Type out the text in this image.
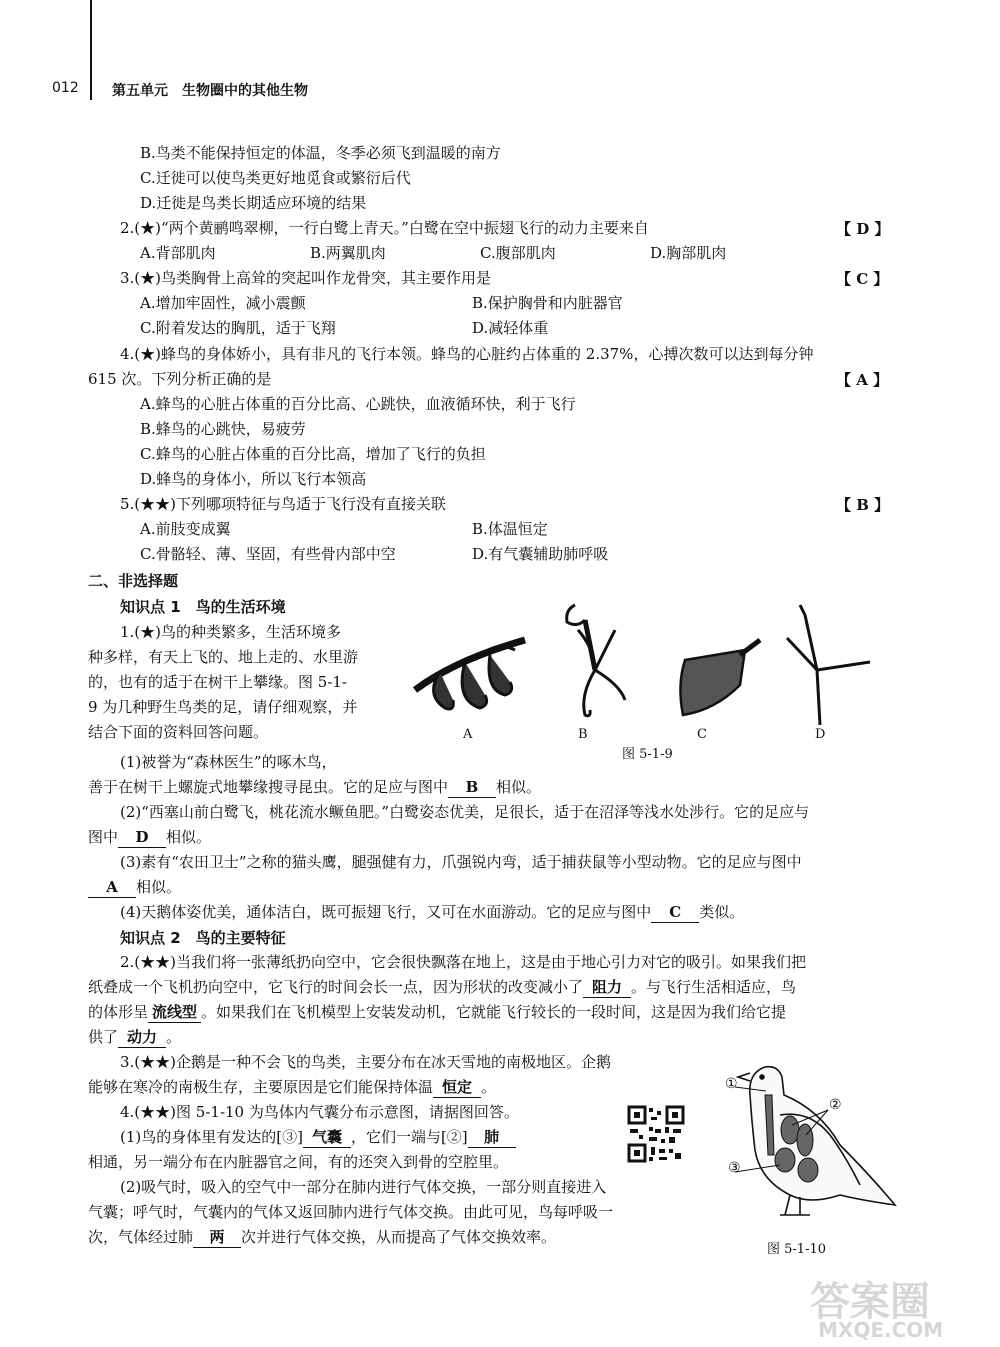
012 第五单元　生物圈中的其他生物
B.鸟类不能保持恒定的体温，冬季必须飞到温暖的南方
C.迁徙可以使鸟类更好地觅食或繁衍后代
D.迁徙是鸟类长期适应环境的结果
2.(★)“两个黄鹂鸣翠柳，一行白鹭上青天。”白鹭在空中振翅飞行的动力主要来自	【 D 】
A.背部肌肉	B.两翼肌肉	C.腹部肌肉	D.胸部肌肉
3.(★)鸟类胸骨上高耸的突起叫作龙骨突，其主要作用是	【 C 】
A.增加牢固性，减小震颤	B.保护胸骨和内脏器官
C.附着发达的胸肌，适于飞翔	D.减轻体重
4.(★)蜂鸟的身体娇小，具有非凡的飞行本领。蜂鸟的心脏约占体重的 2.37%，心搏次数可以达到每分钟
615 次。下列分析正确的是	【 A 】
A.蜂鸟的心脏占体重的百分比高、心跳快，血液循环快，利于飞行
B.蜂鸟的心跳快，易疲劳
C.蜂鸟的心脏占体重的百分比高，增加了飞行的负担
D.蜂鸟的身体小，所以飞行本领高
5.(★★)下列哪项特征与鸟适于飞行没有直接关联	【 B 】
A.前肢变成翼	B.体温恒定
C.骨骼轻、薄、坚固，有些骨内部中空	D.有气囊辅助肺呼吸
二、非选择题
知识点 1　鸟的生活环境
1.(★)鸟的种类繁多，生活环境多
种多样，有天上飞的、地上走的、水里游
的，也有的适于在树干上攀缘。图 5-1-
9 为几种野生鸟类的足，请仔细观察，并
结合下面的资料回答问题。	A	B	C	D
图 5-1-9
(1)被誉为“森林医生”的啄木鸟，
善于在树干上螺旋式地攀缘搜寻昆虫。它的足应与图中 B 相似。
(2)“西塞山前白鹭飞，桃花流水鳜鱼肥。”白鹭姿态优美，足很长，适于在沼泽等浅水处涉行。它的足应与
图中 D 相似。
(3)素有“农田卫士”之称的猫头鹰，腿强健有力，爪强锐内弯，适于捕获鼠等小型动物。它的足应与图中
A 相似。
(4)天鹅体姿优美，通体洁白，既可振翅飞行，又可在水面游动。它的足应与图中 C 类似。
知识点 2　鸟的主要特征
2.(★★)当我们将一张薄纸扔向空中，它会很快飘落在地上，这是由于地心引力对它的吸引。如果我们把
纸叠成一个飞机扔向空中，它飞行的时间会长一点，因为形状的改变减小了 阻力 。与飞行生活相适应，鸟
的体形呈 流线型 。如果我们在飞机模型上安装发动机，它就能飞行较长的一段时间，这是因为我们给它提
供了 动力 。
3.(★★)企鹅是一种不会飞的鸟类，主要分布在冰天雪地的南极地区。企鹅
能够在寒冷的南极生存，主要原因是它们能保持体温 恒定 。
4.(★★)图 5-1-10 为鸟体内气囊分布示意图，请据图回答。
(1)鸟的身体里有发达的[③] 气囊 ，它们一端与[②] 肺
相通，另一端分布在内脏器官之间，有的还突入到骨的空腔里。
(2)吸气时，吸入的空气中一部分在肺内进行气体交换，一部分则直接进入
气囊；呼气时，气囊内的气体又返回肺内进行气体交换。由此可见，鸟每呼吸一
次，气体经过肺 两 次并进行气体交换，从而提高了气体交换效率。
①
②
③
图 5-1-10
答案圈
MXQE.COM
